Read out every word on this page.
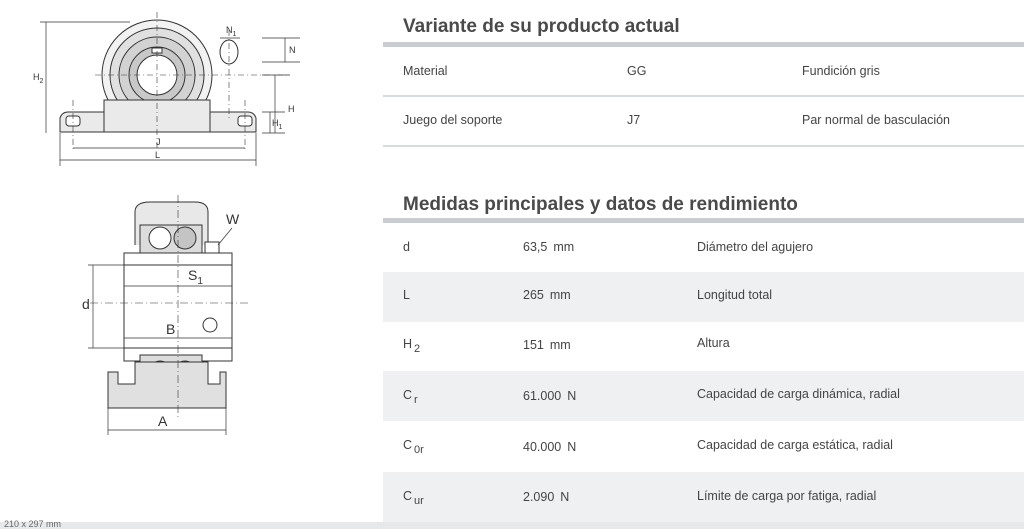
$H_2$
$N_1$
N
H
$H_1$
J
L
W
$S_1$
d
B
A
Variante de su producto actual
Material	GG	Fundición gris
Juego del soporte	J7	Par normal de basculación
Medidas principales y datos de rendimiento
d	63,5 mm	Diámetro del agujero
L	265 mm	Longitud total
H $_2$	151 mm	Altura
C $_r$	61.000 N	Capacidad de carga dinámica, radial
C $_{0r}$	40.000 N	Capacidad de carga estática, radial
C $_{ur}$	2.090 N	Límite de carga por fatiga, radial
210 x 297 mm
